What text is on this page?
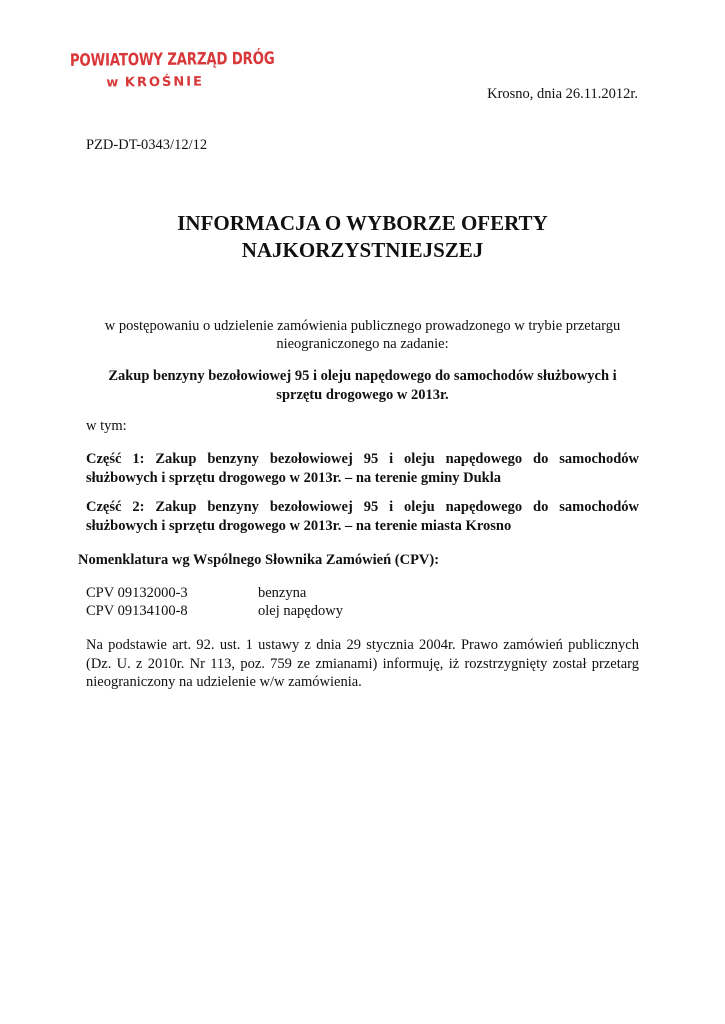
POWIATOWY ZARZĄD DRÓG
w KROŚNIE
Krosno, dnia 26.11.2012r.
PZD-DT-0343/12/12
INFORMACJA O WYBORZE OFERTY
NAJKORZYSTNIEJSZEJ
w postępowaniu o udzielenie zamówienia publicznego prowadzonego w trybie przetargu
nieograniczonego na zadanie:
Zakup benzyny bezołowiowej 95 i oleju napędowego do samochodów służbowych i
sprzętu drogowego w 2013r.
w tym:
Część 1: Zakup benzyny bezołowiowej 95 i oleju napędowego do samochodów służbowych i sprzętu drogowego w 2013r. – na terenie gminy Dukla
Część 2: Zakup benzyny bezołowiowej 95 i oleju napędowego do samochodów służbowych i sprzętu drogowego w 2013r. – na terenie miasta Krosno
Nomenklatura wg Wspólnego Słownika Zamówień (CPV):
CPV 09132000-3	benzyna
CPV 09134100-8	olej napędowy
Na podstawie art. 92. ust. 1 ustawy z dnia 29 stycznia 2004r. Prawo zamówień publicznych (Dz. U. z 2010r. Nr 113, poz. 759 ze zmianami) informuję, iż rozstrzygnięty został przetarg nieograniczony na udzielenie w/w zamówienia.
